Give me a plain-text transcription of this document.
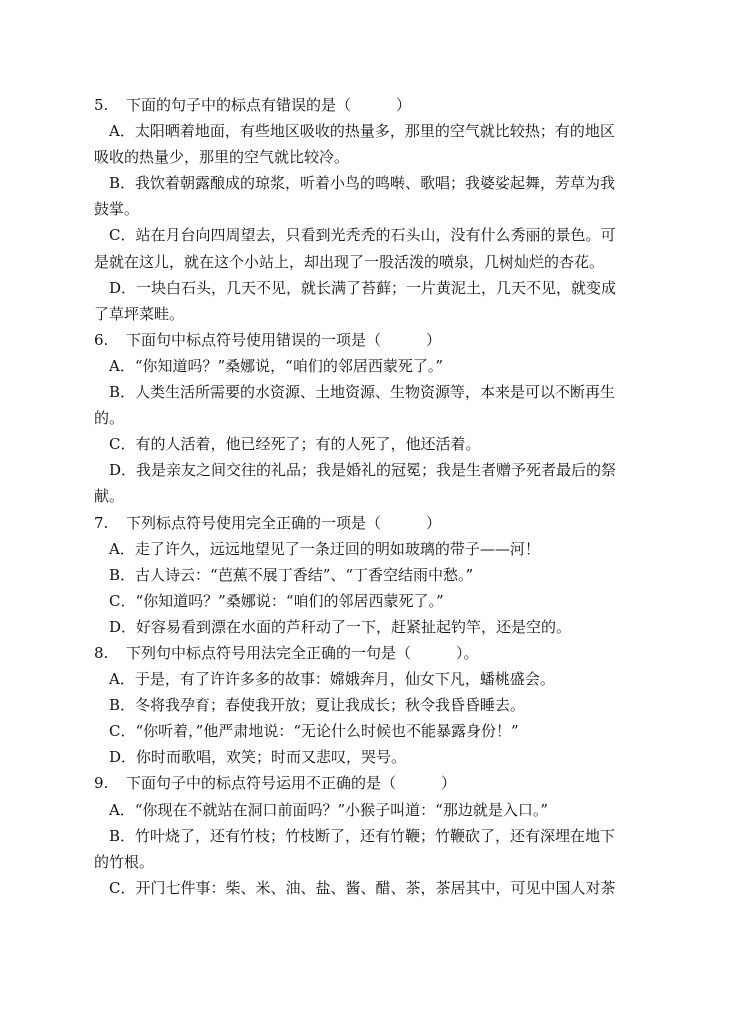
5. 下面的句子中的标点有错误的是（　　　）
A．太阳晒着地面，有些地区吸收的热量多，那里的空气就比较热；有的地区
吸收的热量少，那里的空气就比较冷。
B．我饮着朝露酿成的琼浆，听着小鸟的鸣啭、歌唱；我婆娑起舞，芳草为我
鼓掌。
C．站在月台向四周望去，只看到光秃秃的石头山，没有什么秀丽的景色。可
是就在这儿，就在这个小站上，却出现了一股活泼的喷泉，几树灿烂的杏花。
D．一块白石头，几天不见，就长满了苔藓；一片黄泥土，几天不见，就变成
了草坪菜畦。
6. 下面句中标点符号使用错误的一项是（　　　）
A．“你知道吗？”桑娜说，“咱们的邻居西蒙死了。”
B．人类生活所需要的水资源、土地资源、生物资源等，本来是可以不断再生
的。
C．有的人活着，他已经死了；有的人死了，他还活着。
D．我是亲友之间交往的礼品；我是婚礼的冠冕；我是生者赠予死者最后的祭
献。
7. 下列标点符号使用完全正确的一项是（　　　）
A．走了许久，远远地望见了一条迂回的明如玻璃的带子——河！
B．古人诗云：“芭蕉不展丁香结”、“丁香空结雨中愁。”
C．“你知道吗？”桑娜说：“咱们的邻居西蒙死了。”
D．好容易看到漂在水面的芦秆动了一下，赶紧扯起钓竿，还是空的。
8. 下列句中标点符号用法完全正确的一句是（　　　）。
A．于是，有了许许多多的故事：嫦娥奔月，仙女下凡，蟠桃盛会。
B．冬将我孕育；春使我开放；夏让我成长；秋令我昏昏睡去。
C．“你听着，”他严肃地说：“无论什么时候也不能暴露身份！”
D．你时而歌唱，欢笑；时而又悲叹，哭号。
9. 下面句子中的标点符号运用不正确的是（　　　）
A．“你现在不就站在洞口前面吗？”小猴子叫道：“那边就是入口。”
B．竹叶烧了，还有竹枝；竹枝断了，还有竹鞭；竹鞭砍了，还有深埋在地下
的竹根。
C．开门七件事：柴、米、油、盐、酱、醋、茶，茶居其中，可见中国人对茶
